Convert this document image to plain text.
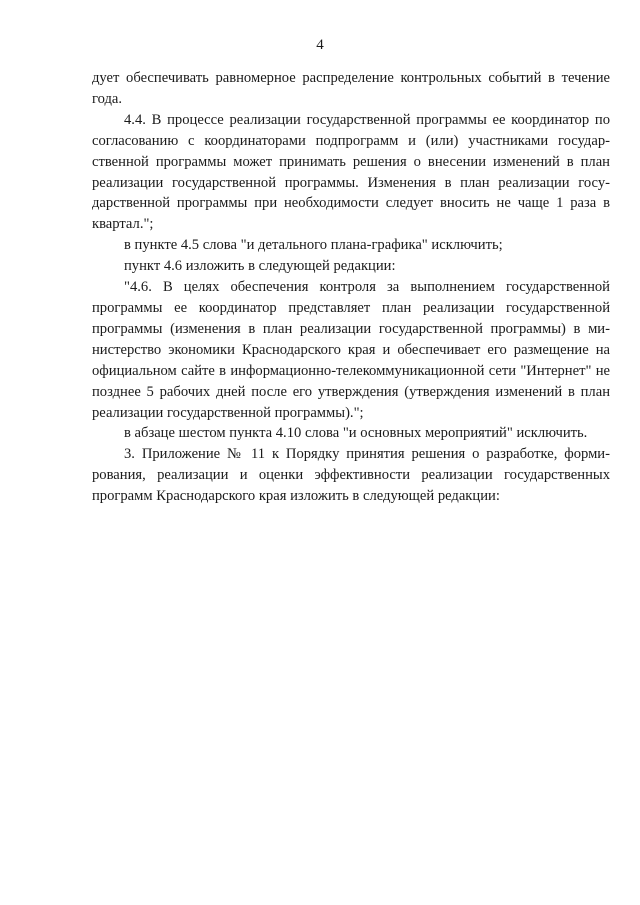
4

дует обеспечивать равномерное распределение контрольных событий в течение года.

4.4. В процессе реализации государственной программы ее координатор по согласованию с координаторами подпрограмм и (или) участниками государственной программы может принимать решения о внесении изменений в план реализации государственной программы. Изменения в план реализации государственной программы при необходимости следует вносить не чаще 1 раза в квартал.";

в пункте 4.5 слова "и детального плана-графика" исключить;

пункт 4.6 изложить в следующей редакции:

"4.6. В целях обеспечения контроля за выполнением государственной программы ее координатор представляет план реализации государственной программы (изменения в план реализации государственной программы) в министерство экономики Краснодарского края и обеспечивает его размещение на официальном сайте в информационно-телекоммуникационной сети "Интернет" не позднее 5 рабочих дней после его утверждения (утверждения изменений в план реализации государственной программы).";

в абзаце шестом пункта 4.10 слова "и основных мероприятий" исключить.

3. Приложение № 11 к Порядку принятия решения о разработке, формирования, реализации и оценки эффективности реализации государственных программ Краснодарского края изложить в следующей редакции:
